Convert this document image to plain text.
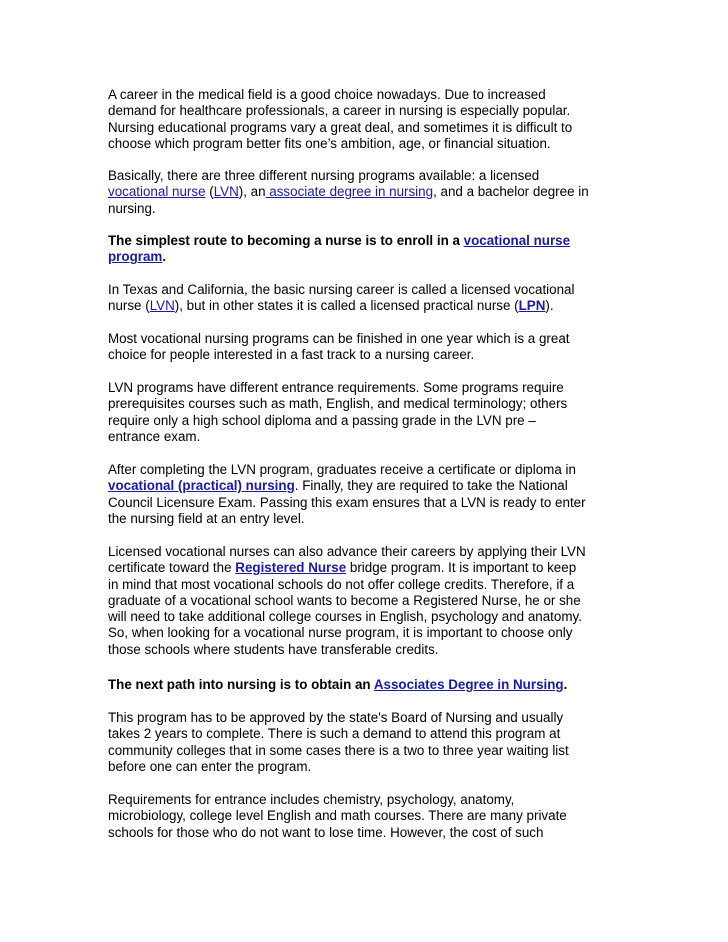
A career in the medical field is a good choice nowadays. Due to increased
demand for healthcare professionals, a career in nursing is especially popular.
Nursing educational programs vary a great deal, and sometimes it is difficult to
choose which program better fits one’s ambition, age, or financial situation.

Basically, there are three different nursing programs available: a licensed
vocational nurse (LVN), an associate degree in nursing, and a bachelor degree in
nursing.

The simplest route to becoming a nurse is to enroll in a vocational nurse
program.

In Texas and California, the basic nursing career is called a licensed vocational
nurse (LVN), but in other states it is called a licensed practical nurse (LPN).

Most vocational nursing programs can be finished in one year which is a great
choice for people interested in a fast track to a nursing career.

LVN programs have different entrance requirements. Some programs require
prerequisites courses such as math, English, and medical terminology; others
require only a high school diploma and a passing grade in the LVN pre –
entrance exam.

After completing the LVN program, graduates receive a certificate or diploma in
vocational (practical) nursing. Finally, they are required to take the National
Council Licensure Exam. Passing this exam ensures that a LVN is ready to enter
the nursing field at an entry level.

Licensed vocational nurses can also advance their careers by applying their LVN
certificate toward the Registered Nurse bridge program. It is important to keep
in mind that most vocational schools do not offer college credits. Therefore, if a
graduate of a vocational school wants to become a Registered Nurse, he or she
will need to take additional college courses in English, psychology and anatomy.
So, when looking for a vocational nurse program, it is important to choose only
those schools where students have transferable credits.

The next path into nursing is to obtain an Associates Degree in Nursing.

This program has to be approved by the state's Board of Nursing and usually
takes 2 years to complete. There is such a demand to attend this program at
community colleges that in some cases there is a two to three year waiting list
before one can enter the program.

Requirements for entrance includes chemistry, psychology, anatomy,
microbiology, college level English and math courses. There are many private
schools for those who do not want to lose time. However, the cost of such
